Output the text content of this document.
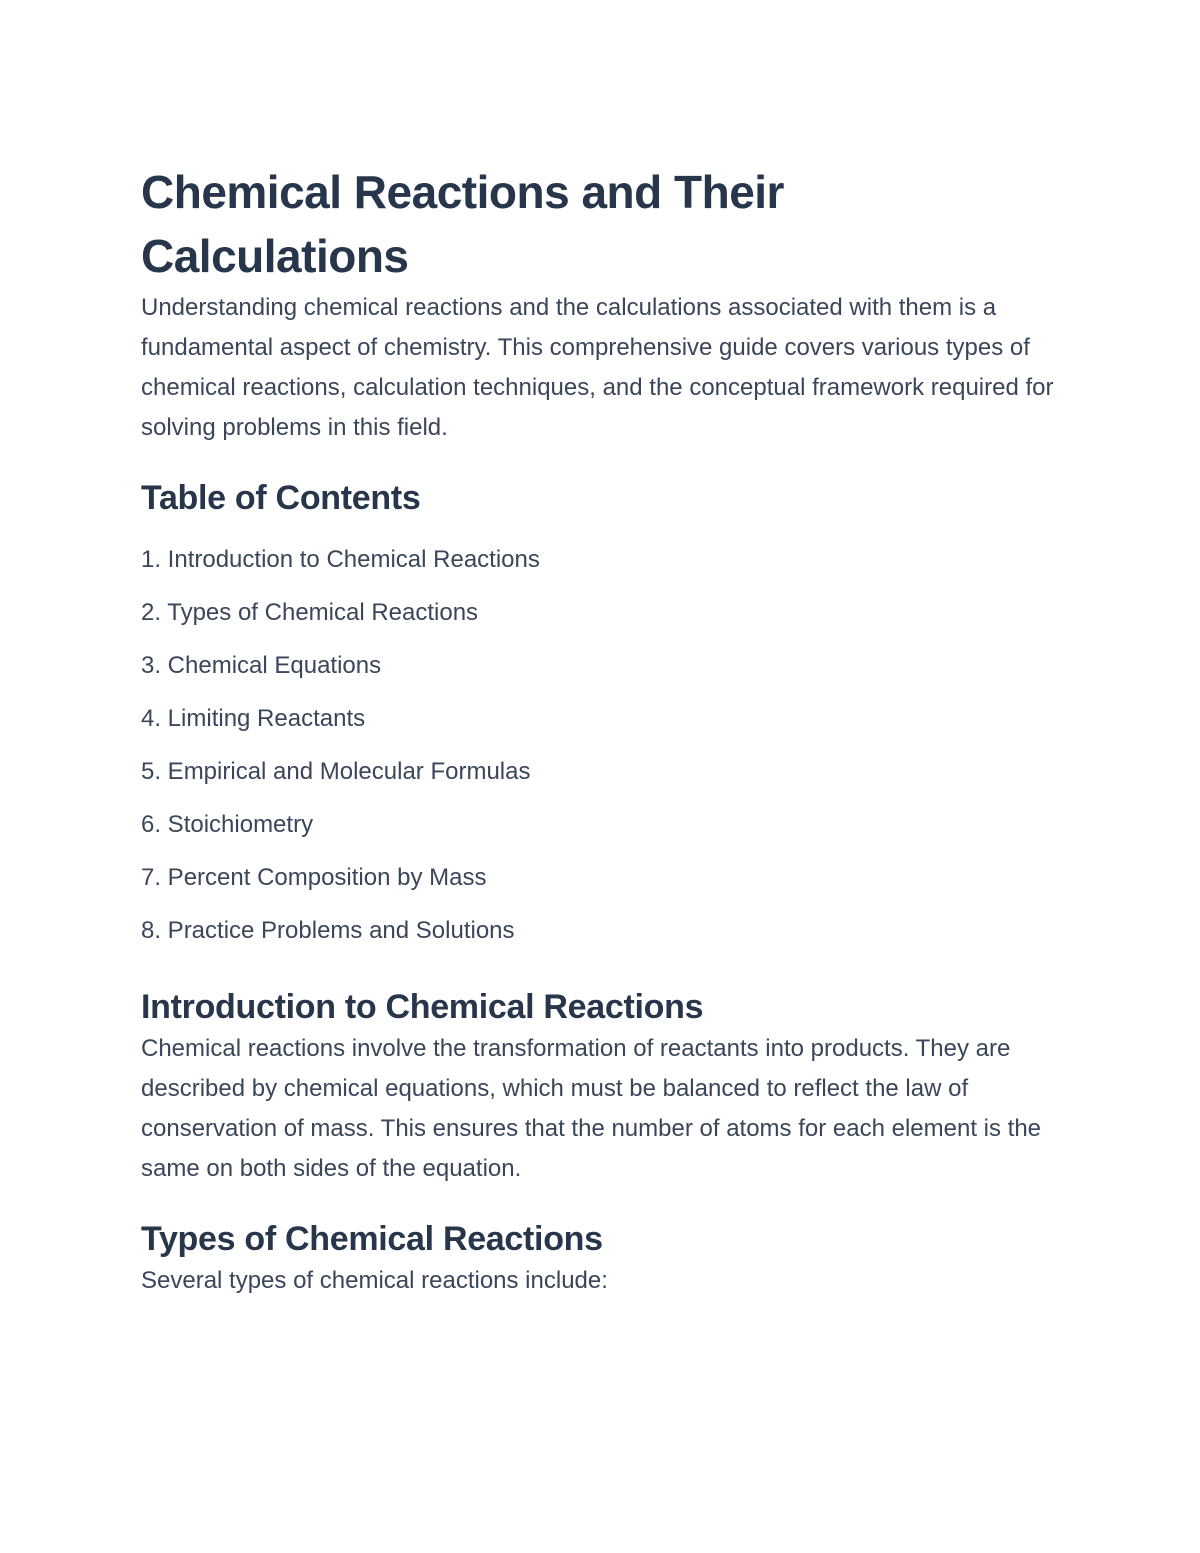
Chemical Reactions and Their Calculations

Understanding chemical reactions and the calculations associated with them is a fundamental aspect of chemistry. This comprehensive guide covers various types of chemical reactions, calculation techniques, and the conceptual framework required for solving problems in this field.

Table of Contents
1. Introduction to Chemical Reactions
2. Types of Chemical Reactions
3. Chemical Equations
4. Limiting Reactants
5. Empirical and Molecular Formulas
6. Stoichiometry
7. Percent Composition by Mass
8. Practice Problems and Solutions
Introduction to Chemical Reactions

Chemical reactions involve the transformation of reactants into products. They are described by chemical equations, which must be balanced to reflect the law of conservation of mass. This ensures that the number of atoms for each element is the same on both sides of the equation.

Types of Chemical Reactions

Several types of chemical reactions include:
